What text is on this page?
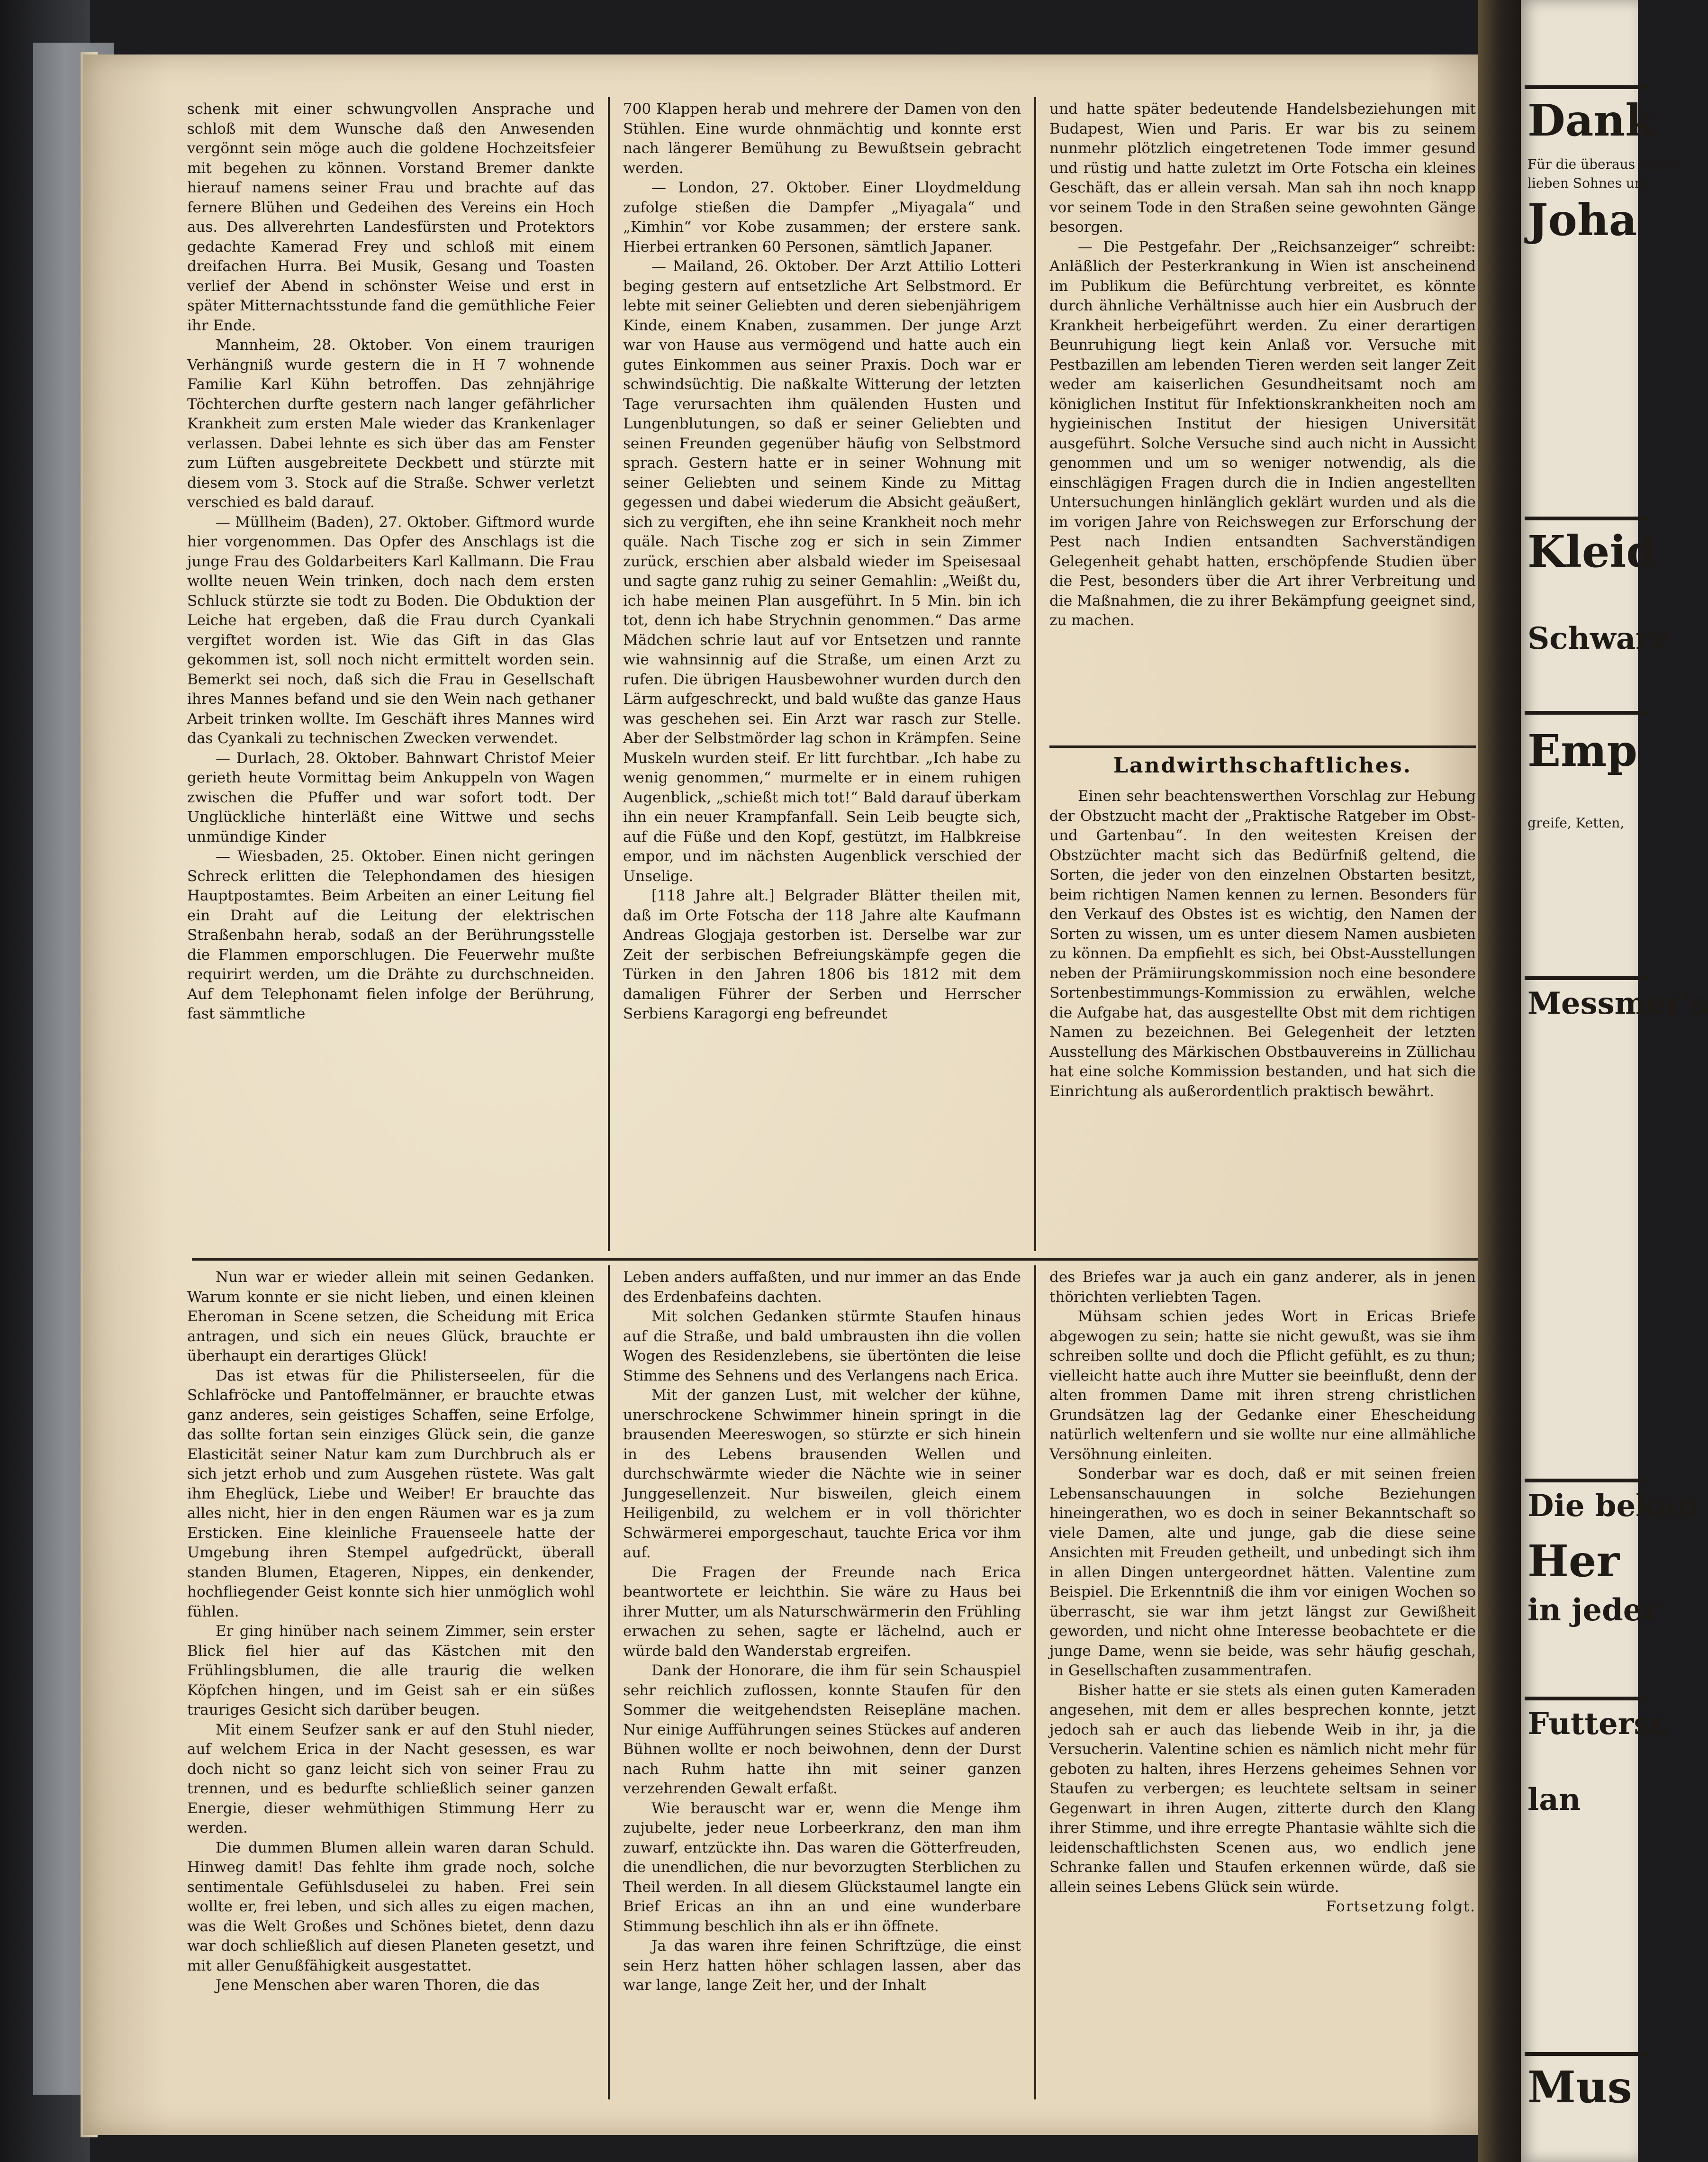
schenk mit einer schwungvollen Ansprache und schloß mit dem Wunsche daß den Anwesenden vergönnt sein möge auch die goldene Hochzeitsfeier mit begehen zu können. Vorstand Bremer dankte hierauf namens seiner Frau und brachte auf das fernere Blühen und Gedeihen des Vereins ein Hoch aus. Des allverehrten Landesfürsten und Protektors gedachte Kamerad Frey und schloß mit einem dreifachen Hurra. Bei Musik, Gesang und Toasten verlief der Abend in schönster Weise und erst in später Mitternachtsstunde fand die gemüthliche Feier ihr Ende.

Mannheim, 28. Oktober. Von einem traurigen Verhängniß wurde gestern die in H 7 wohnende Familie Karl Kühn betroffen. Das zehnjährige Töchterchen durfte gestern nach langer gefährlicher Krankheit zum ersten Male wieder das Krankenlager verlassen. Dabei lehnte es sich über das am Fenster zum Lüften ausgebreitete Deckbett und stürzte mit diesem vom 3. Stock auf die Straße. Schwer verletzt verschied es bald darauf.

— Müllheim (Baden), 27. Oktober. Giftmord wurde hier vorgenommen. Das Opfer des Anschlags ist die junge Frau des Goldarbeiters Karl Kallmann. Die Frau wollte neuen Wein trinken, doch nach dem ersten Schluck stürzte sie todt zu Boden. Die Obduktion der Leiche hat ergeben, daß die Frau durch Cyankali vergiftet worden ist. Wie das Gift in das Glas gekommen ist, soll noch nicht ermittelt worden sein. Bemerkt sei noch, daß sich die Frau in Gesellschaft ihres Mannes befand und sie den Wein nach gethaner Arbeit trinken wollte. Im Geschäft ihres Mannes wird das Cyankali zu technischen Zwecken verwendet.

— Durlach, 28. Oktober. Bahnwart Christof Meier gerieth heute Vormittag beim Ankuppeln von Wagen zwischen die Pfuffer und war sofort todt. Der Unglückliche hinterläßt eine Wittwe und sechs unmündige Kinder

— Wiesbaden, 25. Oktober. Einen nicht geringen Schreck erlitten die Telephondamen des hiesigen Hauptpostamtes. Beim Arbeiten an einer Leitung fiel ein Draht auf die Leitung der elektrischen Straßenbahn herab, sodaß an der Berührungsstelle die Flammen emporschlugen. Die Feuerwehr mußte requirirt werden, um die Drähte zu durchschneiden. Auf dem Telephonamt fielen infolge der Berührung, fast sämmtliche

700 Klappen herab und mehrere der Damen von den Stühlen. Eine wurde ohnmächtig und konnte erst nach längerer Bemühung zu Bewußtsein gebracht werden.

— London, 27. Oktober. Einer Lloydmeldung zufolge stießen die Dampfer „Miyagala“ und „Kimhin“ vor Kobe zusammen; der erstere sank. Hierbei ertranken 60 Personen, sämtlich Japaner.

— Mailand, 26. Oktober. Der Arzt Attilio Lotteri beging gestern auf entsetzliche Art Selbstmord. Er lebte mit seiner Geliebten und deren siebenjährigem Kinde, einem Knaben, zusammen. Der junge Arzt war von Hause aus vermögend und hatte auch ein gutes Einkommen aus seiner Praxis. Doch war er schwindsüchtig. Die naßkalte Witterung der letzten Tage verursachten ihm quälenden Husten und Lungenblutungen, so daß er seiner Geliebten und seinen Freunden gegenüber häufig von Selbstmord sprach. Gestern hatte er in seiner Wohnung mit seiner Geliebten und seinem Kinde zu Mittag gegessen und dabei wiederum die Absicht geäußert, sich zu vergiften, ehe ihn seine Krankheit noch mehr quäle. Nach Tische zog er sich in sein Zimmer zurück, erschien aber alsbald wieder im Speisesaal und sagte ganz ruhig zu seiner Gemahlin: „Weißt du, ich habe meinen Plan ausgeführt. In 5 Min. bin ich tot, denn ich habe Strychnin genommen.“ Das arme Mädchen schrie laut auf vor Entsetzen und rannte wie wahnsinnig auf die Straße, um einen Arzt zu rufen. Die übrigen Hausbewohner wurden durch den Lärm aufgeschreckt, und bald wußte das ganze Haus was geschehen sei. Ein Arzt war rasch zur Stelle. Aber der Selbstmörder lag schon in Krämpfen. Seine Muskeln wurden steif. Er litt furchtbar. „Ich habe zu wenig genommen,“ murmelte er in einem ruhigen Augenblick, „schießt mich tot!“ Bald darauf überkam ihn ein neuer Krampfanfall. Sein Leib beugte sich, auf die Füße und den Kopf, gestützt, im Halbkreise empor, und im nächsten Augenblick verschied der Unselige.

[118 Jahre alt.] Belgrader Blätter theilen mit, daß im Orte Fotscha der 118 Jahre alte Kaufmann Andreas Glogjaja gestorben ist. Derselbe war zur Zeit der serbischen Befreiungskämpfe gegen die Türken in den Jahren 1806 bis 1812 mit dem damaligen Führer der Serben und Herrscher Serbiens Karagorgi eng befreundet

und hatte später bedeutende Handelsbeziehungen mit Budapest, Wien und Paris. Er war bis zu seinem nunmehr plötzlich eingetretenen Tode immer gesund und rüstig und hatte zuletzt im Orte Fotscha ein kleines Geschäft, das er allein versah. Man sah ihn noch knapp vor seinem Tode in den Straßen seine gewohnten Gänge besorgen.

— Die Pestgefahr. Der „Reichsanzeiger“ schreibt: Anläßlich der Pesterkrankung in Wien ist anscheinend im Publikum die Befürchtung verbreitet, es könnte durch ähnliche Verhältnisse auch hier ein Ausbruch der Krankheit herbeigeführt werden. Zu einer derartigen Beunruhigung liegt kein Anlaß vor. Versuche mit Pestbazillen am lebenden Tieren werden seit langer Zeit weder am kaiserlichen Gesundheitsamt noch am königlichen Institut für Infektionskrankheiten noch am hygieinischen Institut der hiesigen Universität ausgeführt. Solche Versuche sind auch nicht in Aussicht genommen und um so weniger notwendig, als die einschlägigen Fragen durch die in Indien angestellten Untersuchungen hinlänglich geklärt wurden und als die im vorigen Jahre von Reichswegen zur Erforschung der Pest nach Indien entsandten Sachverständigen Gelegenheit gehabt hatten, erschöpfende Studien über die Pest, besonders über die Art ihrer Verbreitung und die Maßnahmen, die zu ihrer Bekämpfung geeignet sind, zu machen.

Landwirthschaftliches.

Einen sehr beachtenswerthen Vorschlag zur Hebung der Obstzucht macht der „Praktische Ratgeber im Obst- und Gartenbau“. In den weitesten Kreisen der Obstzüchter macht sich das Bedürfniß geltend, die Sorten, die jeder von den einzelnen Obstarten besitzt, beim richtigen Namen kennen zu lernen. Besonders für den Verkauf des Obstes ist es wichtig, den Namen der Sorten zu wissen, um es unter diesem Namen ausbieten zu können. Da empfiehlt es sich, bei Obst-Ausstellungen neben der Prämiirungskommission noch eine besondere Sortenbestimmungs-Kommission zu erwählen, welche die Aufgabe hat, das ausgestellte Obst mit dem richtigen Namen zu bezeichnen. Bei Gelegenheit der letzten Ausstellung des Märkischen Obstbauvereins in Züllichau hat eine solche Kommission bestanden, und hat sich die Einrichtung als außerordentlich praktisch bewährt.

Nun war er wieder allein mit seinen Gedanken. Warum konnte er sie nicht lieben, und einen kleinen Eheroman in Scene setzen, die Scheidung mit Erica antragen, und sich ein neues Glück, brauchte er überhaupt ein derartiges Glück!

Das ist etwas für die Philisterseelen, für die Schlafröcke und Pantoffelmänner, er brauchte etwas ganz anderes, sein geistiges Schaffen, seine Erfolge, das sollte fortan sein einziges Glück sein, die ganze Elasticität seiner Natur kam zum Durchbruch als er sich jetzt erhob und zum Ausgehen rüstete. Was galt ihm Eheglück, Liebe und Weiber! Er brauchte das alles nicht, hier in den engen Räumen war es ja zum Ersticken. Eine kleinliche Frauenseele hatte der Umgebung ihren Stempel aufgedrückt, überall standen Blumen, Etageren, Nippes, ein denkender, hochfliegender Geist konnte sich hier unmöglich wohl fühlen.

Er ging hinüber nach seinem Zimmer, sein erster Blick fiel hier auf das Kästchen mit den Frühlingsblumen, die alle traurig die welken Köpfchen hingen, und im Geist sah er ein süßes trauriges Gesicht sich darüber beugen.

Mit einem Seufzer sank er auf den Stuhl nieder, auf welchem Erica in der Nacht gesessen, es war doch nicht so ganz leicht sich von seiner Frau zu trennen, und es bedurfte schließlich seiner ganzen Energie, dieser wehmüthigen Stimmung Herr zu werden.

Die dummen Blumen allein waren daran Schuld. Hinweg damit! Das fehlte ihm grade noch, solche sentimentale Gefühlsduselei zu haben. Frei sein wollte er, frei leben, und sich alles zu eigen machen, was die Welt Großes und Schönes bietet, denn dazu war doch schließlich auf diesen Planeten gesetzt, und mit aller Genußfähigkeit ausgestattet.

Jene Menschen aber waren Thoren, die das

Leben anders auffaßten, und nur immer an das Ende des Erdenbafeins dachten.

Mit solchen Gedanken stürmte Staufen hinaus auf die Straße, und bald umbrausten ihn die vollen Wogen des Residenzlebens, sie übertönten die leise Stimme des Sehnens und des Verlangens nach Erica.

Mit der ganzen Lust, mit welcher der kühne, unerschrockene Schwimmer hinein springt in die brausenden Meereswogen, so stürzte er sich hinein in des Lebens brausenden Wellen und durchschwärmte wieder die Nächte wie in seiner Junggesellenzeit. Nur bisweilen, gleich einem Heiligenbild, zu welchem er in voll thörichter Schwärmerei emporgeschaut, tauchte Erica vor ihm auf.

Die Fragen der Freunde nach Erica beantwortete er leichthin. Sie wäre zu Haus bei ihrer Mutter, um als Naturschwärmerin den Frühling erwachen zu sehen, sagte er lächelnd, auch er würde bald den Wanderstab ergreifen.

Dank der Honorare, die ihm für sein Schauspiel sehr reichlich zuflossen, konnte Staufen für den Sommer die weitgehendsten Reisepläne machen. Nur einige Aufführungen seines Stückes auf anderen Bühnen wollte er noch beiwohnen, denn der Durst nach Ruhm hatte ihn mit seiner ganzen verzehrenden Gewalt erfaßt.

Wie berauscht war er, wenn die Menge ihm zujubelte, jeder neue Lorbeerkranz, den man ihm zuwarf, entzückte ihn. Das waren die Götterfreuden, die unendlichen, die nur bevorzugten Sterblichen zu Theil werden. In all diesem Glückstaumel langte ein Brief Ericas an ihn an und eine wunderbare Stimmung beschlich ihn als er ihn öffnete.

Ja das waren ihre feinen Schriftzüge, die einst sein Herz hatten höher schlagen lassen, aber das war lange, lange Zeit her, und der Inhalt

des Briefes war ja auch ein ganz anderer, als in jenen thörichten verliebten Tagen.

Mühsam schien jedes Wort in Ericas Briefe abgewogen zu sein; hatte sie nicht gewußt, was sie ihm schreiben sollte und doch die Pflicht gefühlt, es zu thun; vielleicht hatte auch ihre Mutter sie beeinflußt, denn der alten frommen Dame mit ihren streng christlichen Grundsätzen lag der Gedanke einer Ehescheidung natürlich weltenfern und sie wollte nur eine allmähliche Versöhnung einleiten.

Sonderbar war es doch, daß er mit seinen freien Lebensanschauungen in solche Beziehungen hineingerathen, wo es doch in seiner Bekanntschaft so viele Damen, alte und junge, gab die diese seine Ansichten mit Freuden getheilt, und unbedingt sich ihm in allen Dingen untergeordnet hätten. Valentine zum Beispiel. Die Erkenntniß die ihm vor einigen Wochen so überrascht, sie war ihm jetzt längst zur Gewißheit geworden, und nicht ohne Interesse beobachtete er die junge Dame, wenn sie beide, was sehr häufig geschah, in Gesellschaften zusammentrafen.

Bisher hatte er sie stets als einen guten Kameraden angesehen, mit dem er alles besprechen konnte, jetzt jedoch sah er auch das liebende Weib in ihr, ja die Versucherin. Valentine schien es nämlich nicht mehr für geboten zu halten, ihres Herzens geheimes Sehnen vor Staufen zu verbergen; es leuchtete seltsam in seiner Gegenwart in ihren Augen, zitterte durch den Klang ihrer Stimme, und ihre erregte Phantasie wählte sich die leidenschaftlichsten Scenen aus, wo endlich jene Schranke fallen und Staufen erkennen würde, daß sie allein seines Lebens Glück sein würde.

Fortsetzung folgt.

Dank
Für die überaus zahlre
lieben Sohnes und
Joha
Kleid
Schwarz
Emp
greife, Ketten,
Messmer's
Die bekan
Her
in jeder
Futtersc
lan
Mus
